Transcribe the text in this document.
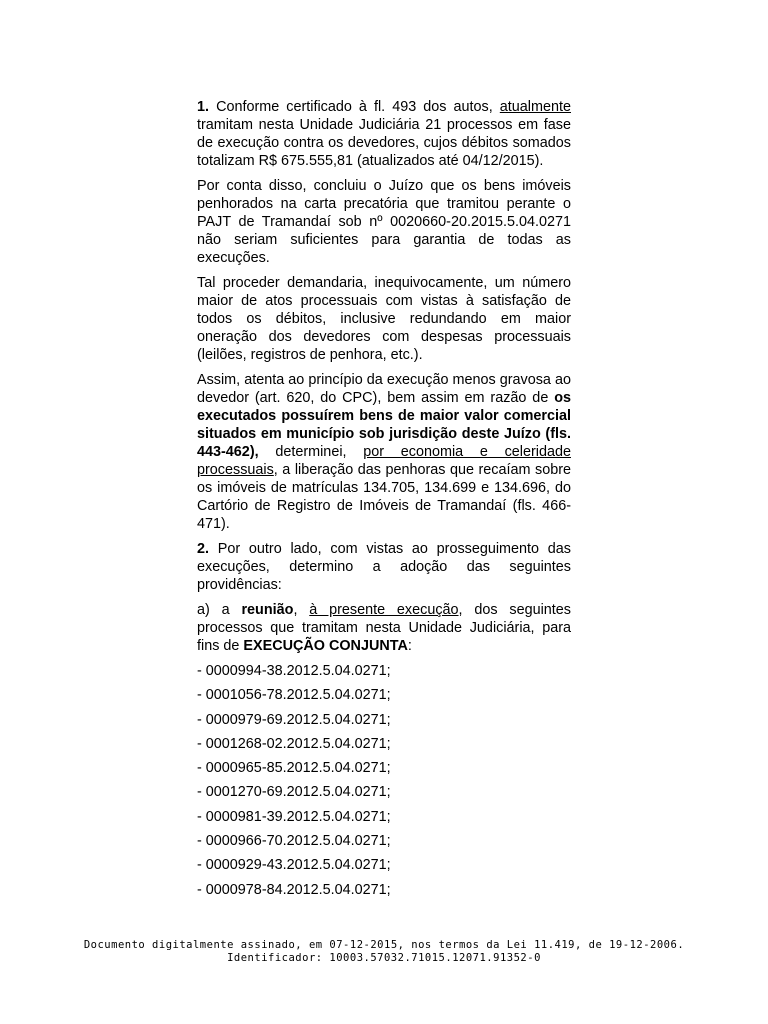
1. Conforme certificado à fl. 493 dos autos, atualmente tramitam nesta Unidade Judiciária 21 processos em fase de execução contra os devedores, cujos débitos somados totalizam R$ 675.555,81 (atualizados até 04/12/2015).

Por conta disso, concluiu o Juízo que os bens imóveis penhorados na carta precatória que tramitou perante o PAJT de Tramandaí sob nº 0020660-20.2015.5.04.0271 não seriam suficientes para garantia de todas as execuções.

Tal proceder demandaria, inequivocamente, um número maior de atos processuais com vistas à satisfação de todos os débitos, inclusive redundando em maior oneração dos devedores com despesas processuais (leilões, registros de penhora, etc.).

Assim, atenta ao princípio da execução menos gravosa ao devedor (art. 620, do CPC), bem assim em razão de os executados possuírem bens de maior valor comercial situados em município sob jurisdição deste Juízo (fls. 443-462), determinei, por economia e celeridade processuais, a liberação das penhoras que recaíam sobre os imóveis de matrículas 134.705, 134.699 e 134.696, do Cartório de Registro de Imóveis de Tramandaí (fls. 466-471).

2. Por outro lado, com vistas ao prosseguimento das execuções, determino a adoção das seguintes providências:

a) a reunião, à presente execução, dos seguintes processos que tramitam nesta Unidade Judiciária, para fins de EXECUÇÃO CONJUNTA:

- 0000994-38.2012.5.04.0271;
- 0001056-78.2012.5.04.0271;
- 0000979-69.2012.5.04.0271;
- 0001268-02.2012.5.04.0271;
- 0000965-85.2012.5.04.0271;
- 0001270-69.2012.5.04.0271;
- 0000981-39.2012.5.04.0271;
- 0000966-70.2012.5.04.0271;
- 0000929-43.2012.5.04.0271;
- 0000978-84.2012.5.04.0271;
Documento digitalmente assinado, em 07-12-2015, nos termos da Lei 11.419, de 19-12-2006.
Identificador: 10003.57032.71015.12071.91352-0
